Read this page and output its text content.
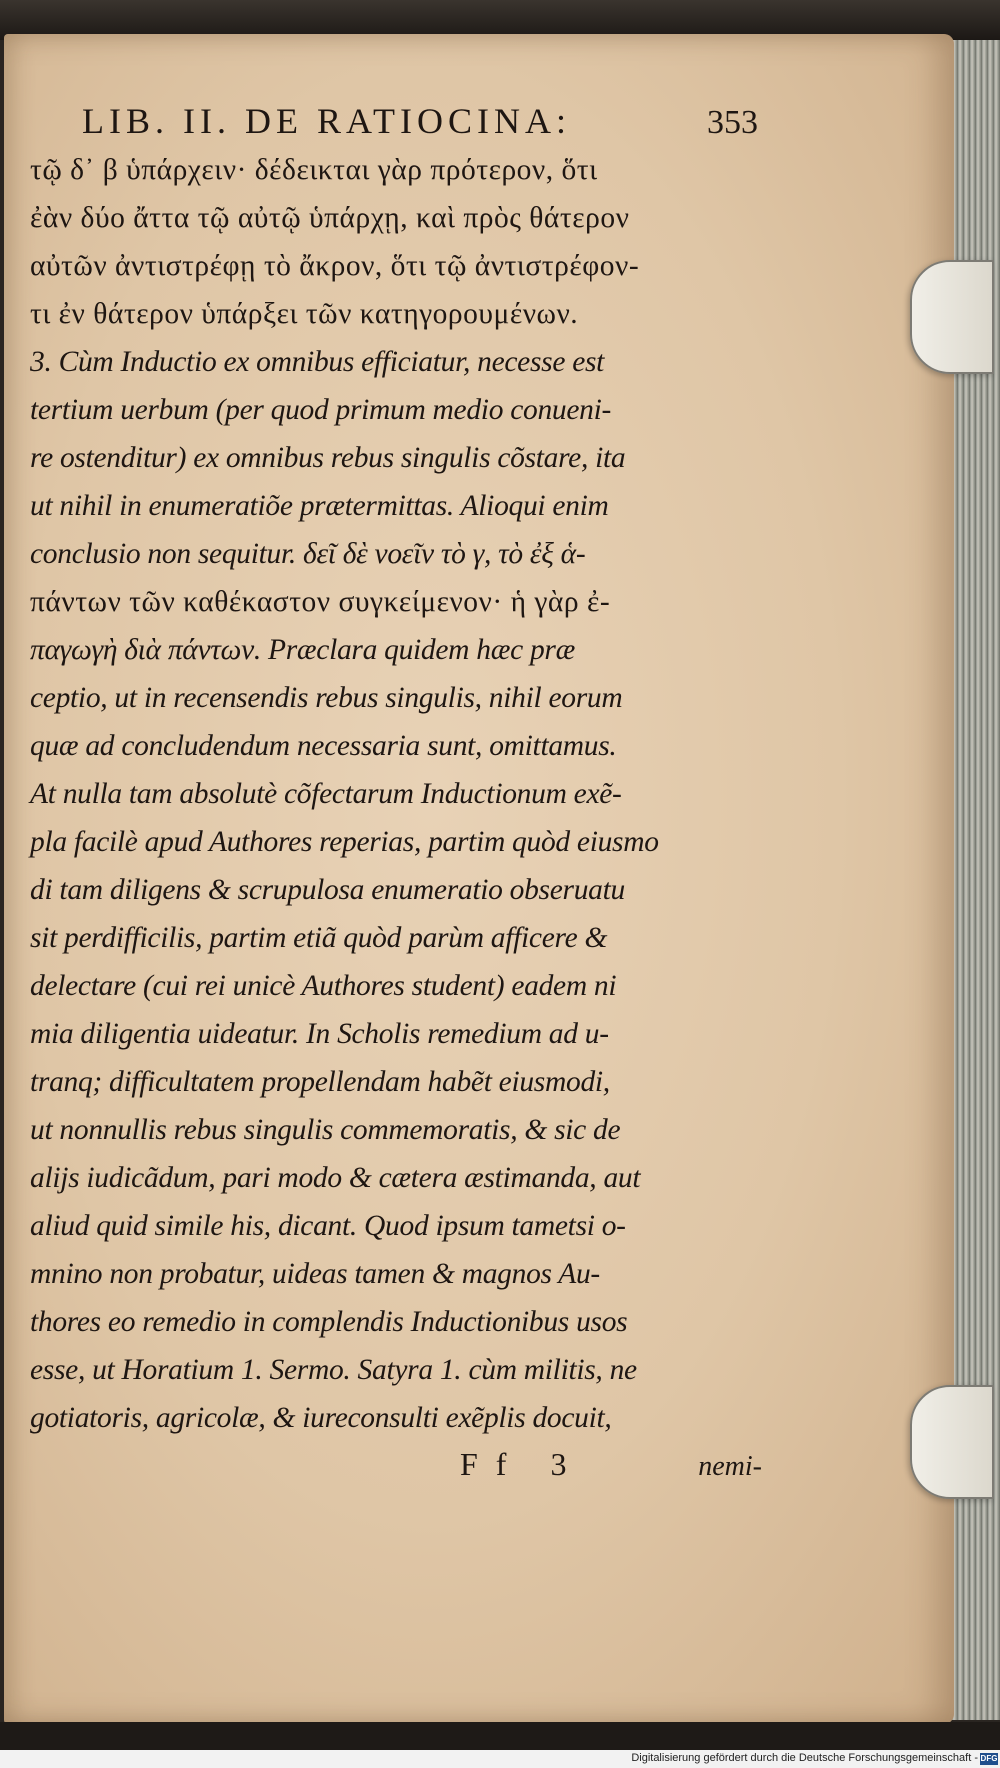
LIB. II. DE RATIOCINA:	353
τῷ δ᾽ β ὑπάρχειν· δέδεικται γὰρ πρότερον, ὅτι
ἐὰν δύο ἄττα τῷ αὐτῷ ὑπάρχῃ, καὶ πρὸς θάτερον
αὐτῶν ἀντιστρέφῃ τὸ ἄκρον, ὅτι τῷ ἀντιστρέφον-
τι ἐν θάτερον ὑπάρξει τῶν κατηγορουμένων.
3. Cùm Inductio ex omnibus efficiatur, necesse est
tertium uerbum (per quod primum medio conueni-
re ostenditur) ex omnibus rebus singulis cõstare, ita
ut nihil in enumeratiõe prætermittas. Alioqui enim
conclusio non sequitur. δεῖ δὲ νοεῖν τὸ γ, τὸ ἐξ ἁ-
πάντων τῶν καθέκαστον συγκείμενον· ἡ γὰρ ἐ-
παγωγὴ διὰ πάντων. Præclara quidem hæc præ
ceptio, ut in recensendis rebus singulis, nihil eorum
quæ ad concludendum necessaria sunt, omittamus.
At nulla tam absolutè cõfectarum Inductionum exẽ-
pla facilè apud Authores reperias, partim quòd eiusmo
di tam diligens & scrupulosa enumeratio obseruatu
sit perdifficilis, partim etiã quòd parùm afficere &
delectare (cui rei unicè Authores student) eadem ni
mia diligentia uideatur. In Scholis remedium ad u-
tranq; difficultatem propellendam habẽt eiusmodi,
ut nonnullis rebus singulis commemoratis, & sic de
alijs iudicãdum, pari modo & cætera æstimanda, aut
aliud quid simile his, dicant. Quod ipsum tametsi o-
mnino non probatur, uideas tamen & magnos Au-
thores eo remedio in complendis Inductionibus usos
esse, ut Horatium 1. Sermo. Satyra 1. cùm militis, ne
gotiatoris, agricolæ, & iureconsulti exẽplis docuit,
Ff 3	nemi-
Digitalisierung gefördert durch die Deutsche Forschungsgemeinschaft - DFG
